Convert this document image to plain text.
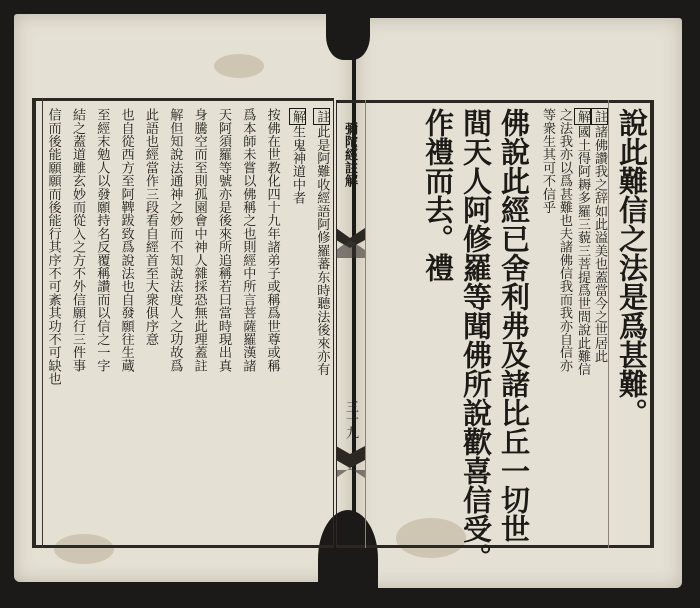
彌陀經註解
三十九
註諸佛讚我之辞如此溢美也蓋當今之世居此
解國土得阿耨多羅三藐三菩提爲世間說此難信
之法我亦以爲甚難也夫諸佛信我而我亦自信亦
等衆生其可不信乎
佛說此經已舍利弗及諸比丘一切世
間天人阿修羅等聞佛所說歡喜信受。
作禮而去。禮	說此難信之法是爲甚難。
註此是阿難收經語阿修羅蕃东時聽法後來亦有
解生鬼神道中者
按佛在世教化四十九年諸弟子或稱爲世尊或稱
爲本師未嘗以佛稱之也則經中所言菩薩羅漢諸
天阿須羅等號亦是後來所追稱若曰當時現出真
身騰空而至則孤園會中神人雜採恐無此理蓋註
解但知說法通神之妙而不知說法度人之功故爲
此語也經當作三段看自經首至大衆俱序意
也自從西方至阿鞞跋致爲說法也自發願往生蔵
至經末勉人以發願持名反覆稱讚而以信之一字
結之蓋道雖玄妙而從入之方不外信願行三件事
信而後能願願而後能行其序不可紊其功不可缺也
